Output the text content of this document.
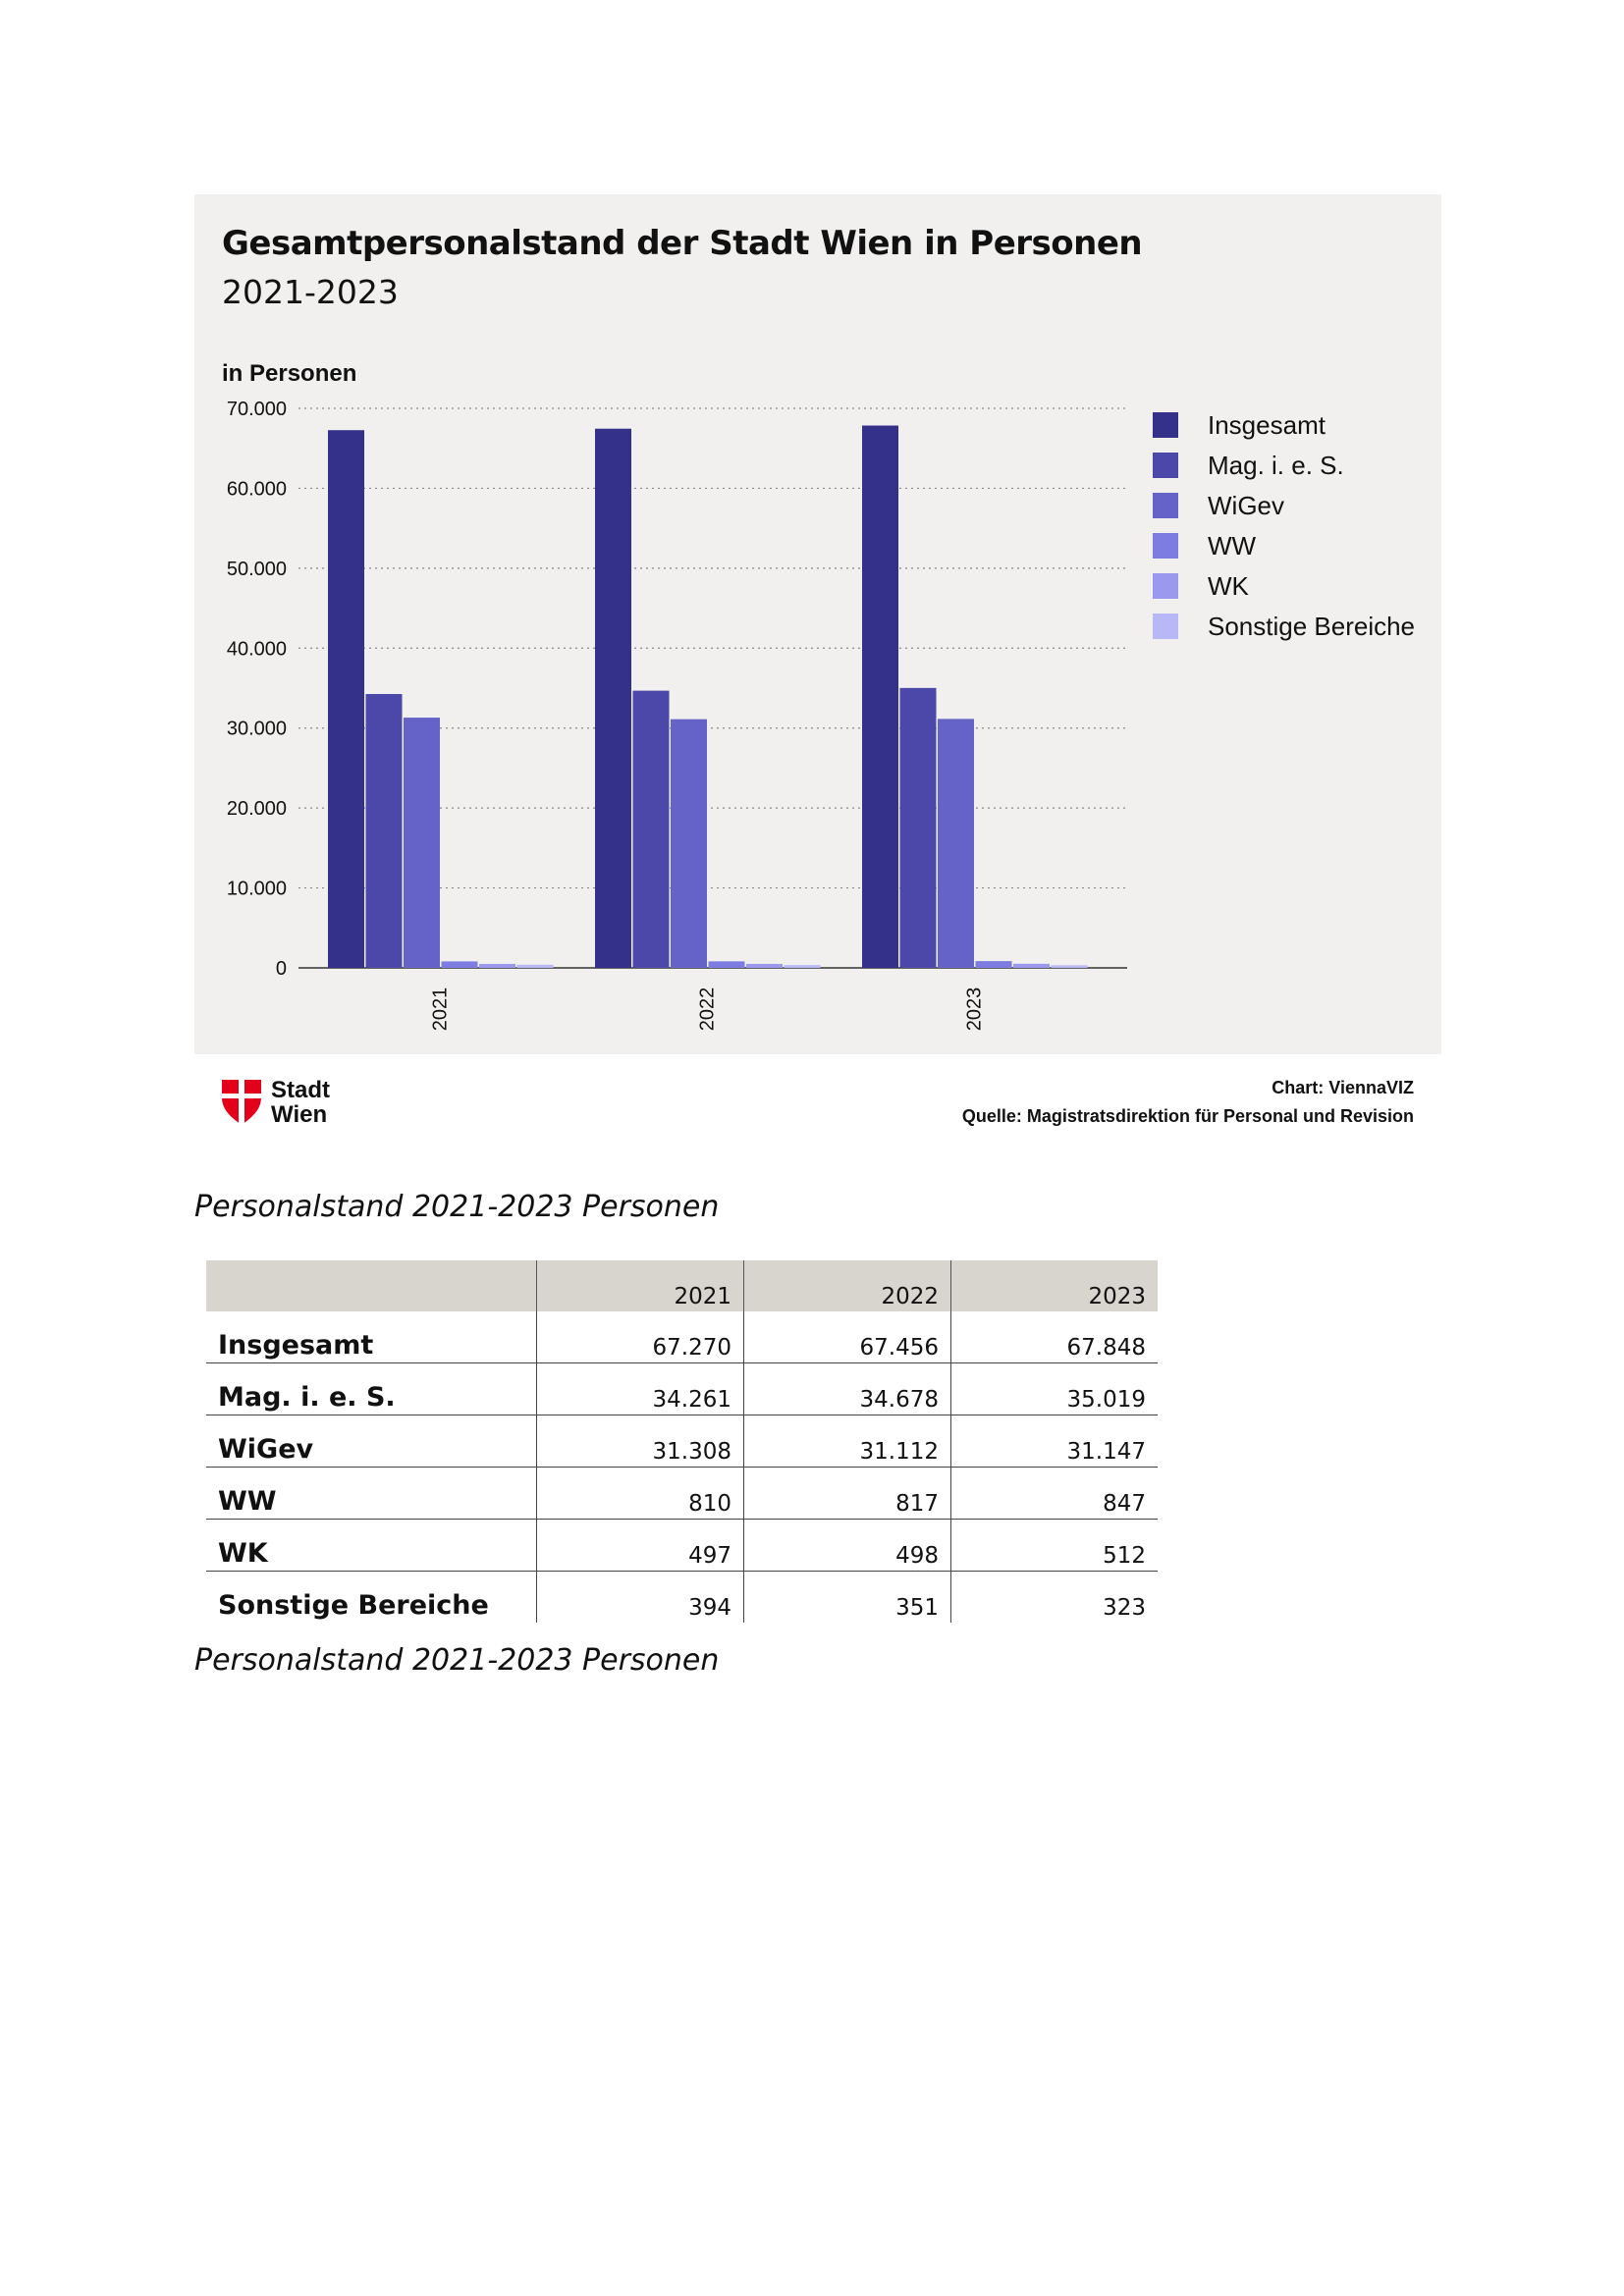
Gesamtpersonalstand der Stadt Wien in Personen
2021-2023
in Personen
0
10.000
20.000
30.000
40.000
50.000
60.000
70.000
2021	2022	2023
Insgesamt
Mag. i. e. S.
WiGev
WW
WK
Sonstige Bereiche
Stadt
Wien
Chart: ViennaVIZ
Quelle: Magistratsdirektion für Personal und Revision
Personalstand 2021-2023 Personen
	2021	2022	2023
Insgesamt	67.270	67.456	67.848
Mag. i. e. S.	34.261	34.678	35.019
WiGev	31.308	31.112	31.147
WW	810	817	847
WK	497	498	512
Sonstige Bereiche	394	351	323
Personalstand 2021-2023 Personen
